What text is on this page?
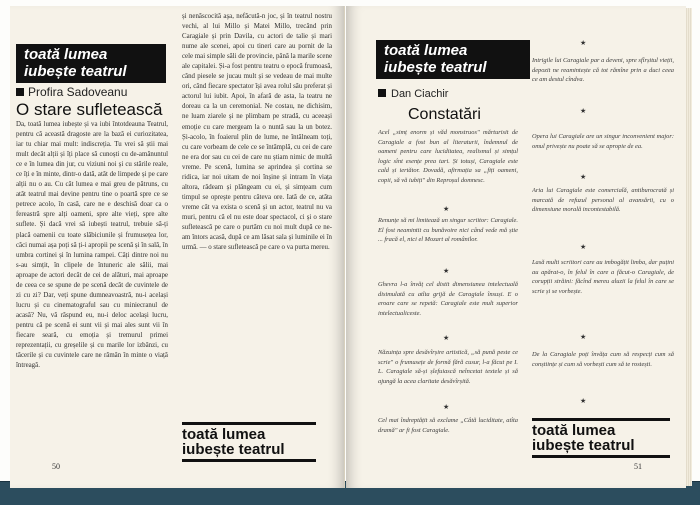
toată lumea
iubește teatrul
Profira Sadoveanu
O stare sufletească
Da, toată lumea iubește și va iubi întotdeauna Teatrul, pentru că această dragoste are la bază ei curiozitatea, iar tu chiar mai mult: indiscreția. Tu vrei să știi mai mult decât alții și îți place să cunoști cu de-amănuntul ce e în lumea din jur, cu viziuni noi și cu stările reale, ce îți e în minte, dintr-o dată, atât de limpede și pe care alții nu o au. Cu cât lumea e mai greu de pătruns, cu atât teatrul mai devine pentru tine o poartă spre ce se petrece acolo, în casă, care ne e deschisă doar ca o fereastră spre alți oameni, spre alte vieți, spre alte suflete. Și dacă vrei să iubești teatrul, trebuie să-ți placă oamenii cu toate slăbiciunile și frumusețea lor, căci numai așa poți să ți-i apropii pe scenă și în sală, în umbra cortinei și în lumina rampei. Câți dintre noi nu s-au simțit, în clipele de întuneric ale sălii, mai aproape de actori decât de cei de alături, mai aproape de ceea ce se spune de pe scenă decât de cuvintele de zi cu zi? Dar, veți spune dumneavoastră, nu-i același lucru și cu cinematograful sau cu miniecranul de acasă? Nu, vă răspund eu, nu-i deloc același lucru, pentru că pe scenă ei sunt vii și mai ales sunt vii în fiecare seară, cu emoția și tremurul primei reprezentații, cu greșelile și cu marile lor izbânzi, cu tăcerile și cu cuvintele care ne rămân în minte o viață întreagă.
și nenăscocită aşa, nefăcută-n joc, și în teatrul nostru vechi, al lui Millo și Matei Millo, trecând prin Caragiale și prin Davila, cu actori de talie și mari nume ale scenei, apoi cu tineri care au pornit de la cele mai simple săli de provincie, până la marile scene ale capitalei. Și-a fost pentru teatru o epocă frumoasă, când piesele se jucau mult și se vedeau de mai multe ori, când fiecare spectator își avea rolul său preferat și actorul lui iubit. Apoi, în afară de asta, la teatru ne doreau ca la un ceremonial. Ne costau, ne dichisim, ne luam ziarele și ne plimbam pe stradă, cu aceeași emoție cu care mergeam la o nuntă sau la un botez. Și-acolo, în foaierul plin de lume, ne întâlneam toți, cu care vorbeam de cele ce se întâmplă, cu cei de care ne era dor sau cu cei de care nu știam nimic de multă vreme. Pe scenă, lumina se aprindea și cortina se ridica, iar noi uitam de noi înșine și intram în viața altora, râdeam și plângeam cu ei, și simțeam cum timpul se oprește pentru câteva ore. Iată de ce, atâta vreme cât va exista o scenă și un actor, teatrul nu va muri, pentru că el nu este doar spectacol, ci și o stare sufletească pe care o purtăm cu noi mult după ce ne-am întors acasă, după ce am lăsat sala și luminile ei în urmă. — o stare sufletească pe care o va purta mereu.
toată lumea
iubește teatrul
50
toată lumea
iubește teatrul
Dan Ciachir
Constatări
Acel „simț enorm și văd monstruos" mărturisit de Caragiale a fost bun al literaturii, îndemnul de oameni pentru care luciditatea, realismul și simțul logic sînt esențe prea tari. Și totuși, Caragiale este cald și iertător. Dovadă, afirmația sa „fiți oameni, copii, să vă iubiți" din Reproșul domnesc.
★
Renunțe să mi limitează un singur scriitor: Caragiale. El fost neamintit cu bunăvoire nici când vede mă știe ... fracă el, nici el Mozart al românilor.
★
Ghevra l-a învăț cel distit dimensiunea intelectuală disimulată cu atîta grijă de Caragiale însuși. E o eroare care se repetă: Caragiale este mult superior intelectualiceste.
★
Năzuința spre desăvîrșire artistică, „să pună peste ce scrie" o frumusețe de formă fără cusur, l-a făcut pe I. L. Caragiale să-și șlefuiască neîncetat textele și să ajungă la acea claritate desăvîrșită.
★
Cel mai îndreptățit să exclame „Câtă luciditate, atîta dramă" ar fi fost Caragiale.
★
Intrigile lui Caragiale par a deveni, spre sfîrșitul vieții, depozit ne reamintește că tot rămîne prin a duci ceea ce am destul cîndva.
★
Opera lui Caragiale are un singur inconvenient major: omul privește nu poate să se apropie de ea.
★
Aria lui Caragiale este comercială, antiburocrată și marcată de refuzul personal al avansării, cu o dimensiune morală incontestabilă.
★
Lasă multi scriitori care au imbogățit limba, dar puțini au apărat-o, în felul în care a făcut-o Caragiale, de corupții străini: făcînd mereu aluzii la felul în care se scrie și se vorbește.
★
De la Caragiale poți învăța cum să respecți cum să conștiințe și cum să vorbești cum să te rostești.
★
toată lumea
iubește teatrul
51
